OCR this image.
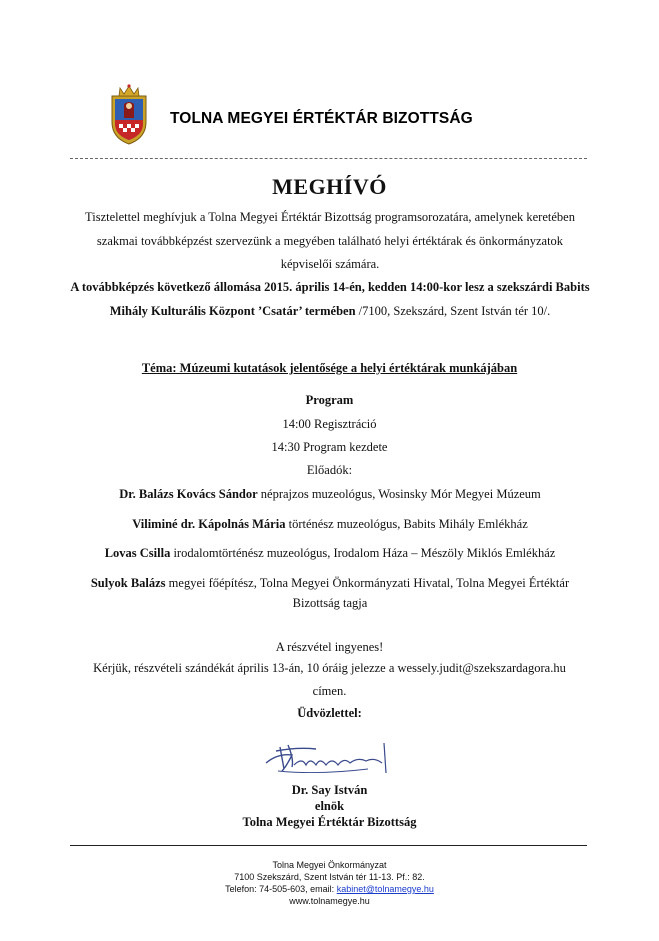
TOLNA MEGYEI ÉRTÉKTÁR BIZOTTSÁG
MEGHÍVÓ
Tisztelettel meghívjuk a Tolna Megyei Értéktár Bizottság programsorozatára, amelynek keretében szakmai továbbképzést szervezünk a megyében található helyi értéktárak és önkormányzatok képviselői számára.
A továbbképzés következő állomása 2015. április 14-én, kedden 14:00-kor lesz a szekszárdi Babits Mihály Kulturális Központ ’Csatár’ termében /7100, Szekszárd, Szent István tér 10/.
Téma: Múzeumi kutatások jelentősége a helyi értéktárak munkájában
Program
14:00 Regisztráció
14:30 Program kezdete
Előadók:
Dr. Balázs Kovács Sándor néprajzos muzeológus, Wosinsky Mór Megyei Múzeum
Viliminé dr. Kápolnás Mária történész muzeológus, Babits Mihály Emlékház
Lovas Csilla irodalomtörténész muzeológus, Irodalom Háza – Mészöly Miklós Emlékház
Sulyok Balázs megyei főépítész, Tolna Megyei Önkormányzati Hivatal, Tolna Megyei Értéktár Bizottság tagja
A részvétel ingyenes!
Kérjük, részvételi szándékát április 13-án, 10 óráig jelezze a wessely.judit@szekszardagora.hu
címen.
Üdvözlettel:
Dr. Say István
elnök
Tolna Megyei Értéktár Bizottság
Tolna Megyei Önkormányzat
7100 Szekszárd, Szent István tér 11-13. Pf.: 82.
Telefon: 74-505-603, email: kabinet@tolnamegye.hu
www.tolnamegye.hu
